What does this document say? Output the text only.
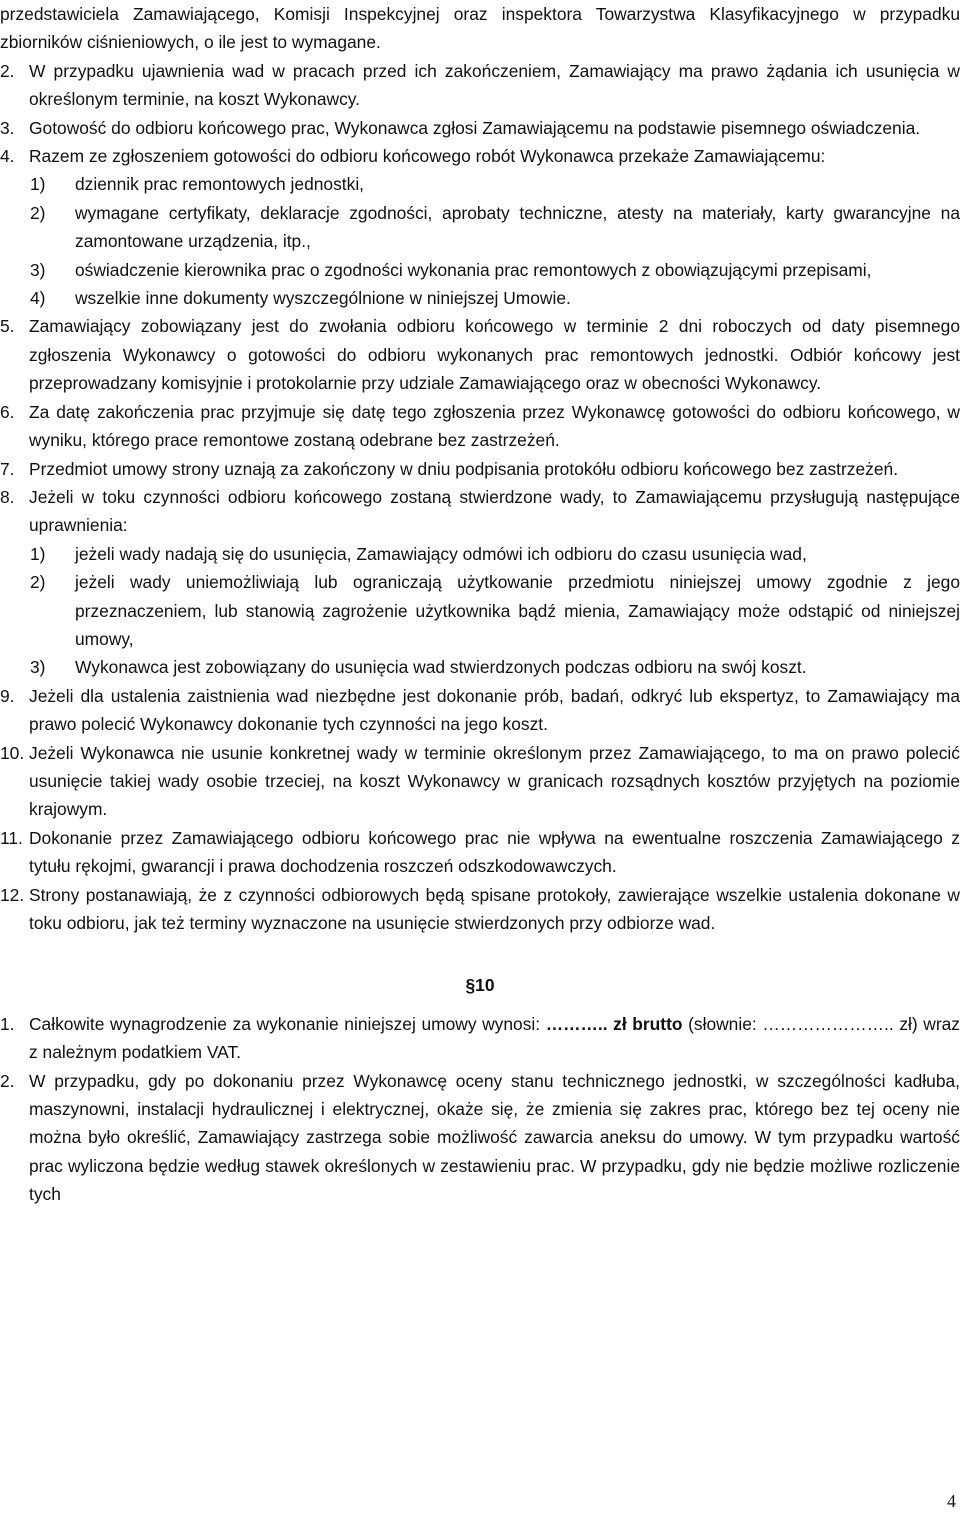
przedstawiciela Zamawiającego, Komisji Inspekcyjnej oraz inspektora Towarzystwa Klasyfikacyjnego w przypadku zbiorników ciśnieniowych, o ile jest to wymagane.

2. W przypadku ujawnienia wad w pracach przed ich zakończeniem, Zamawiający ma prawo żądania ich usunięcia w określonym terminie, na koszt Wykonawcy.

3. Gotowość do odbioru końcowego prac, Wykonawca zgłosi Zamawiającemu na podstawie pisemnego oświadczenia.

4. Razem ze zgłoszeniem gotowości do odbioru końcowego robót Wykonawca przekaże Zamawiającemu:

1) dziennik prac remontowych jednostki,

2) wymagane certyfikaty, deklaracje zgodności, aprobaty techniczne, atesty na materiały, karty gwarancyjne na zamontowane urządzenia, itp.,

3) oświadczenie kierownika prac o zgodności wykonania prac remontowych z obowiązującymi przepisami,

4) wszelkie inne dokumenty wyszczególnione w niniejszej Umowie.

5. Zamawiający zobowiązany jest do zwołania odbioru końcowego w terminie 2 dni roboczych od daty pisemnego zgłoszenia Wykonawcy o gotowości do odbioru wykonanych prac remontowych jednostki. Odbiór końcowy jest przeprowadzany komisyjnie i protokolarnie przy udziale Zamawiającego oraz w obecności Wykonawcy.

6. Za datę zakończenia prac przyjmuje się datę tego zgłoszenia przez Wykonawcę gotowości do odbioru końcowego, w wyniku, którego prace remontowe zostaną odebrane bez zastrzeżeń.

7. Przedmiot umowy strony uznają za zakończony w dniu podpisania protokółu odbioru końcowego bez zastrzeżeń.

8. Jeżeli w toku czynności odbioru końcowego zostaną stwierdzone wady, to Zamawiającemu przysługują następujące uprawnienia:

1) jeżeli wady nadają się do usunięcia, Zamawiający odmówi ich odbioru do czasu usunięcia wad,

2) jeżeli wady uniemożliwiają lub ograniczają użytkowanie przedmiotu niniejszej umowy zgodnie z jego przeznaczeniem, lub stanowią zagrożenie użytkownika bądź mienia, Zamawiający może odstąpić od niniejszej umowy,

3) Wykonawca jest zobowiązany do usunięcia wad stwierdzonych podczas odbioru na swój koszt.

9. Jeżeli dla ustalenia zaistnienia wad niezbędne jest dokonanie prób, badań, odkryć lub ekspertyz, to Zamawiający ma prawo polecić Wykonawcy dokonanie tych czynności na jego koszt.

10. Jeżeli Wykonawca nie usunie konkretnej wady w terminie określonym przez Zamawiającego, to ma on prawo polecić usunięcie takiej wady osobie trzeciej, na koszt Wykonawcy w granicach rozsądnych kosztów przyjętych na poziomie krajowym.

11. Dokonanie przez Zamawiającego odbioru końcowego prac nie wpływa na ewentualne roszczenia Zamawiającego z tytułu rękojmi, gwarancji i prawa dochodzenia roszczeń odszkodowawczych.

12. Strony postanawiają, że z czynności odbiorowych będą spisane protokoły, zawierające wszelkie ustalenia dokonane w toku odbioru, jak też terminy wyznaczone na usunięcie stwierdzonych przy odbiorze wad.

§10

1. Całkowite wynagrodzenie za wykonanie niniejszej umowy wynosi: ……….. zł brutto (słownie: ………………….. zł) wraz z należnym podatkiem VAT.

2. W przypadku, gdy po dokonaniu przez Wykonawcę oceny stanu technicznego jednostki, w szczególności kadłuba, maszynowni, instalacji hydraulicznej i elektrycznej, okaże się, że zmienia się zakres prac, którego bez tej oceny nie można było określić, Zamawiający zastrzega sobie możliwość zawarcia aneksu do umowy. W tym przypadku wartość prac wyliczona będzie według stawek określonych w zestawieniu prac. W przypadku, gdy nie będzie możliwe rozliczenie tych

4
